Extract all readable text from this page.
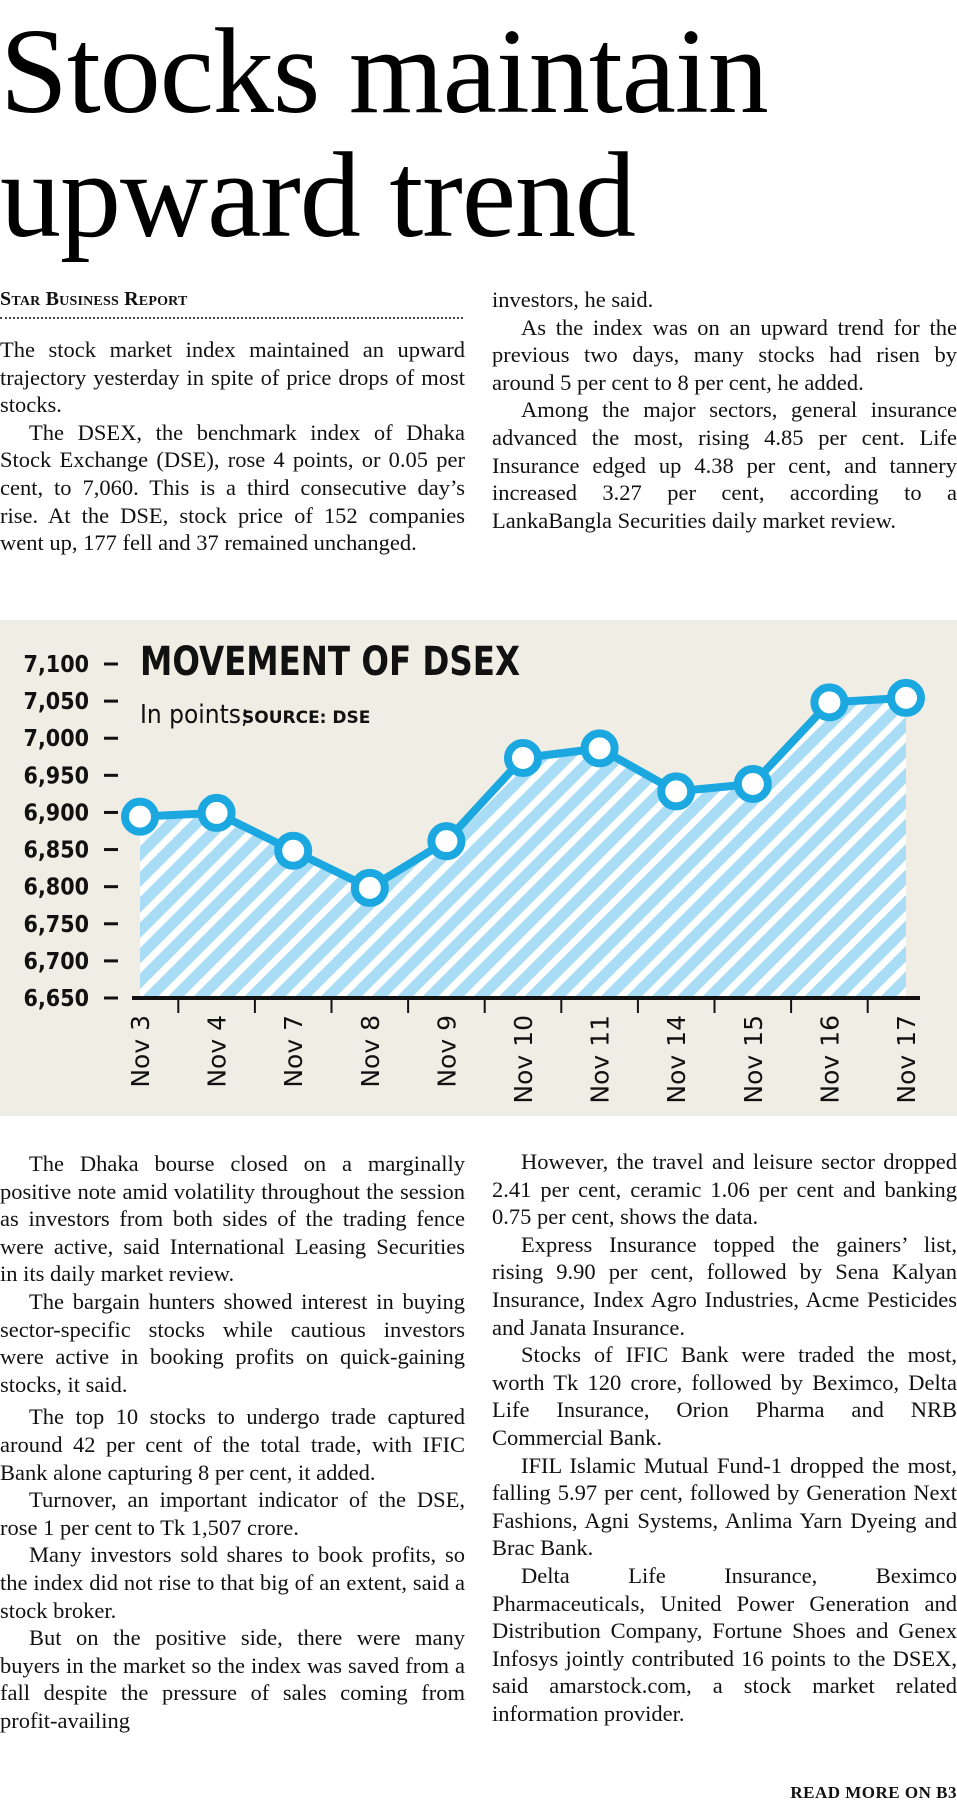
Stocks maintain upward trend
Star Business Report

The stock market index maintained an upward trajectory yesterday in spite of price drops of most stocks.

The DSEX, the benchmark index of Dhaka Stock Exchange (DSE), rose 4 points, or 0.05 per cent, to 7,060. This is a third consecutive day’s rise. At the DSE, stock price of 152 companies went up, 177 fell and 37 remained unchanged.

investors, he said.

As the index was on an upward trend for the previous two days, many stocks had risen by around 5 per cent to 8 per cent, he added.

Among the major sectors, general insurance advanced the most, rising 4.85 per cent. Life Insurance edged up 4.38 per cent, and tannery increased 3.27 per cent, according to a LankaBangla Securities daily market review.

7,100
7,050
7,000
6,950
6,900
6,850
6,800
6,750
6,700
6,650
Nov 3 Nov 4 Nov 7 Nov 8 Nov 9 Nov 10 Nov 11 Nov 14 Nov 15 Nov 16 Nov 17
MOVEMENT OF DSEX
In points;
SOURCE: DSE

The Dhaka bourse closed on a marginally positive note amid volatility throughout the session as investors from both sides of the trading fence were active, said International Leasing Securities in its daily market review.

The bargain hunters showed interest in buying sector-specific stocks while cautious investors were active in booking profits on quick-gaining stocks, it said.

The top 10 stocks to undergo trade captured around 42 per cent of the total trade, with IFIC Bank alone capturing 8 per cent, it added.

Turnover, an important indicator of the DSE, rose 1 per cent to Tk 1,507 crore.

Many investors sold shares to book profits, so the index did not rise to that big of an extent, said a stock broker.

But on the positive side, there were many buyers in the market so the index was saved from a fall despite the pressure of sales coming from profit-availing

However, the travel and leisure sector dropped 2.41 per cent, ceramic 1.06 per cent and banking 0.75 per cent, shows the data.

Express Insurance topped the gainers’ list, rising 9.90 per cent, followed by Sena Kalyan Insurance, Index Agro Industries, Acme Pesticides and Janata Insurance.

Stocks of IFIC Bank were traded the most, worth Tk 120 crore, followed by Beximco, Delta Life Insurance, Orion Pharma and NRB Commercial Bank.

IFIL Islamic Mutual Fund-1 dropped the most, falling 5.97 per cent, followed by Generation Next Fashions, Agni Systems, Anlima Yarn Dyeing and Brac Bank.

Delta Life Insurance, Beximco Pharmaceuticals, United Power Generation and Distribution Company, Fortune Shoes and Genex Infosys jointly contributed 16 points to the DSEX, said amarstock.com, a stock market related information provider.

READ MORE ON B3
